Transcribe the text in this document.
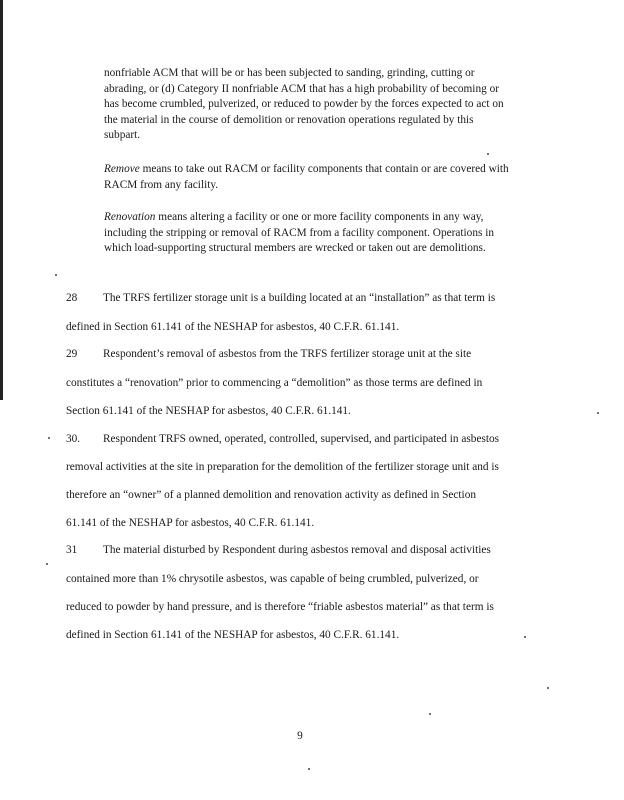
nonfriable ACM that will be or has been subjected to sanding, grinding, cutting or abrading, or (d) Category II nonfriable ACM that has a high probability of becoming or has become crumbled, pulverized, or reduced to powder by the forces expected to act on the material in the course of demolition or renovation operations regulated by this subpart.
Remove means to take out RACM or facility components that contain or are covered with RACM from any facility.
Renovation means altering a facility or one or more facility components in any way, including the stripping or removal of RACM from a facility component. Operations in which load-supporting structural members are wrecked or taken out are demolitions.
28 The TRFS fertilizer storage unit is a building located at an “installation” as that term is
defined in Section 61.141 of the NESHAP for asbestos, 40 C.F.R. 61.141.
29 Respondent’s removal of asbestos from the TRFS fertilizer storage unit at the site
constitutes a “renovation” prior to commencing a “demolition” as those terms are defined in
Section 61.141 of the NESHAP for asbestos, 40 C.F.R. 61.141.
30. Respondent TRFS owned, operated, controlled, supervised, and participated in asbestos
removal activities at the site in preparation for the demolition of the fertilizer storage unit and is
therefore an “owner” of a planned demolition and renovation activity as defined in Section
61.141 of the NESHAP for asbestos, 40 C.F.R. 61.141.
31 The material disturbed by Respondent during asbestos removal and disposal activities
contained more than 1% chrysotile asbestos, was capable of being crumbled, pulverized, or
reduced to powder by hand pressure, and is therefore “friable asbestos material” as that term is
defined in Section 61.141 of the NESHAP for asbestos, 40 C.F.R. 61.141.
9
